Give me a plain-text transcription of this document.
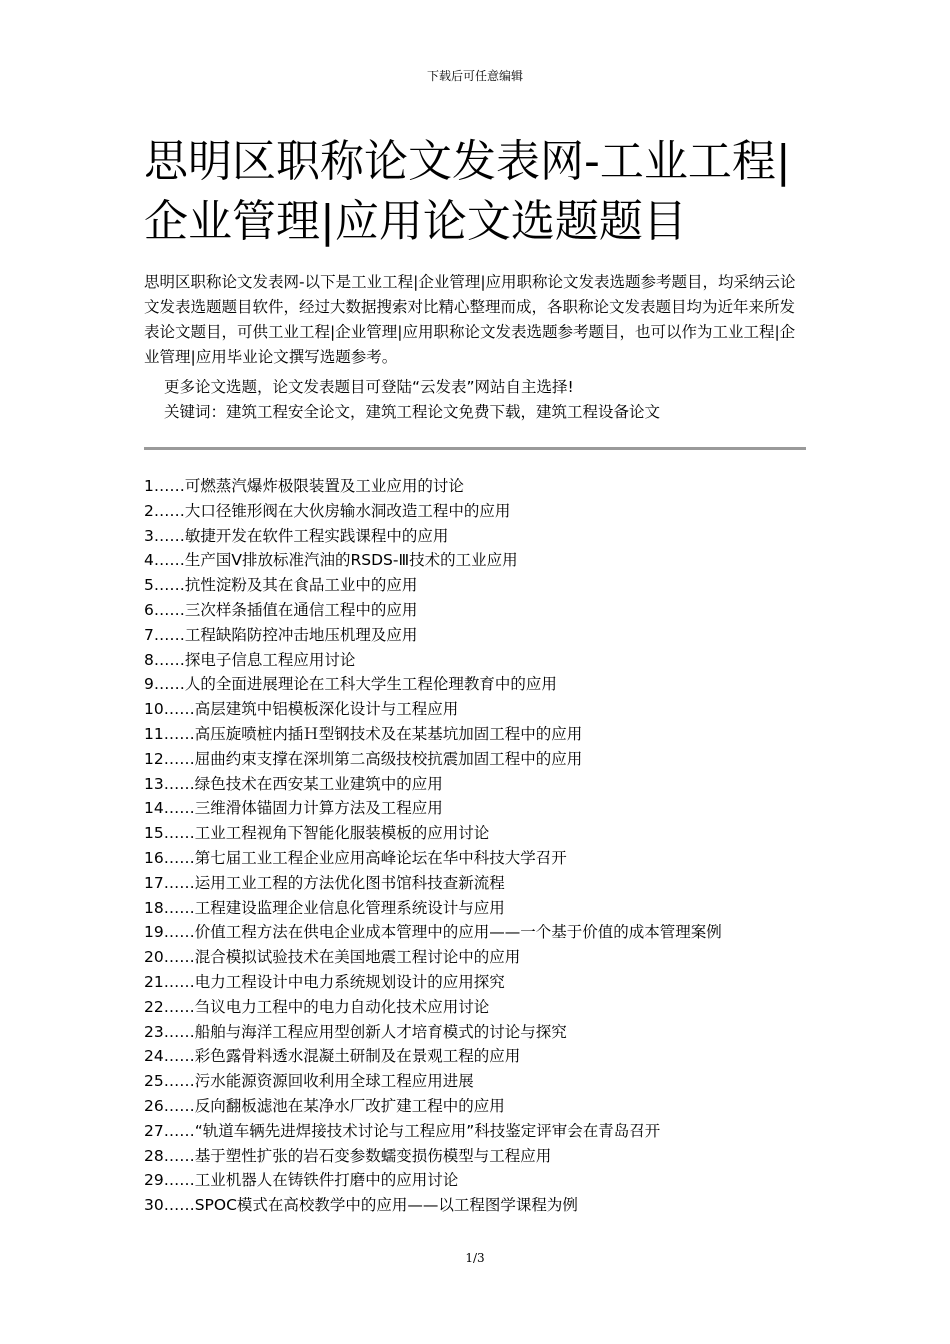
下载后可任意编辑
思明区职称论文发表网-工业工程|企业管理|应用论文选题题目

思明区职称论文发表网-以下是工业工程|企业管理|应用职称论文发表选题参考题目，均采纳云论文发表选题题目软件，经过大数据搜索对比精心整理而成，各职称论文发表题目均为近年来所发表论文题目，可供工业工程|企业管理|应用职称论文发表选题参考题目，也可以作为工业工程|企业管理|应用毕业论文撰写选题参考。

更多论文选题，论文发表题目可登陆“云发表”网站自主选择!

关键词：建筑工程安全论文，建筑工程论文免费下载，建筑工程设备论文

1……可燃蒸汽爆炸极限装置及工业应用的讨论
2……大口径锥形阀在大伙房输水洞改造工程中的应用
3……敏捷开发在软件工程实践课程中的应用
4……生产国Ⅴ排放标准汽油的RSDS-Ⅲ技术的工业应用
5……抗性淀粉及其在食品工业中的应用
6……三次样条插值在通信工程中的应用
7……工程缺陷防控冲击地压机理及应用
8……探电子信息工程应用讨论
9……人的全面进展理论在工科大学生工程伦理教育中的应用
10……高层建筑中铝模板深化设计与工程应用
11……高压旋喷桩内插Ｈ型钢技术及在某基坑加固工程中的应用
12……屈曲约束支撑在深圳第二高级技校抗震加固工程中的应用
13……绿色技术在西安某工业建筑中的应用
14……三维滑体锚固力计算方法及工程应用
15……工业工程视角下智能化服装模板的应用讨论
16……第七届工业工程企业应用高峰论坛在华中科技大学召开
17……运用工业工程的方法优化图书馆科技查新流程
18……工程建设监理企业信息化管理系统设计与应用
19……价值工程方法在供电企业成本管理中的应用——一个基于价值的成本管理案例
20……混合模拟试验技术在美国地震工程讨论中的应用
21……电力工程设计中电力系统规划设计的应用探究
22……刍议电力工程中的电力自动化技术应用讨论
23……船舶与海洋工程应用型创新人才培育模式的讨论与探究
24……彩色露骨料透水混凝土研制及在景观工程的应用
25……污水能源资源回收利用全球工程应用进展
26……反向翻板滤池在某净水厂改扩建工程中的应用
27……“轨道车辆先进焊接技术讨论与工程应用”科技鉴定评审会在青岛召开
28……基于塑性扩张的岩石变参数蠕变损伤模型与工程应用
29……工业机器人在铸铁件打磨中的应用讨论
30……SPOC模式在高校教学中的应用——以工程图学课程为例
1/3
